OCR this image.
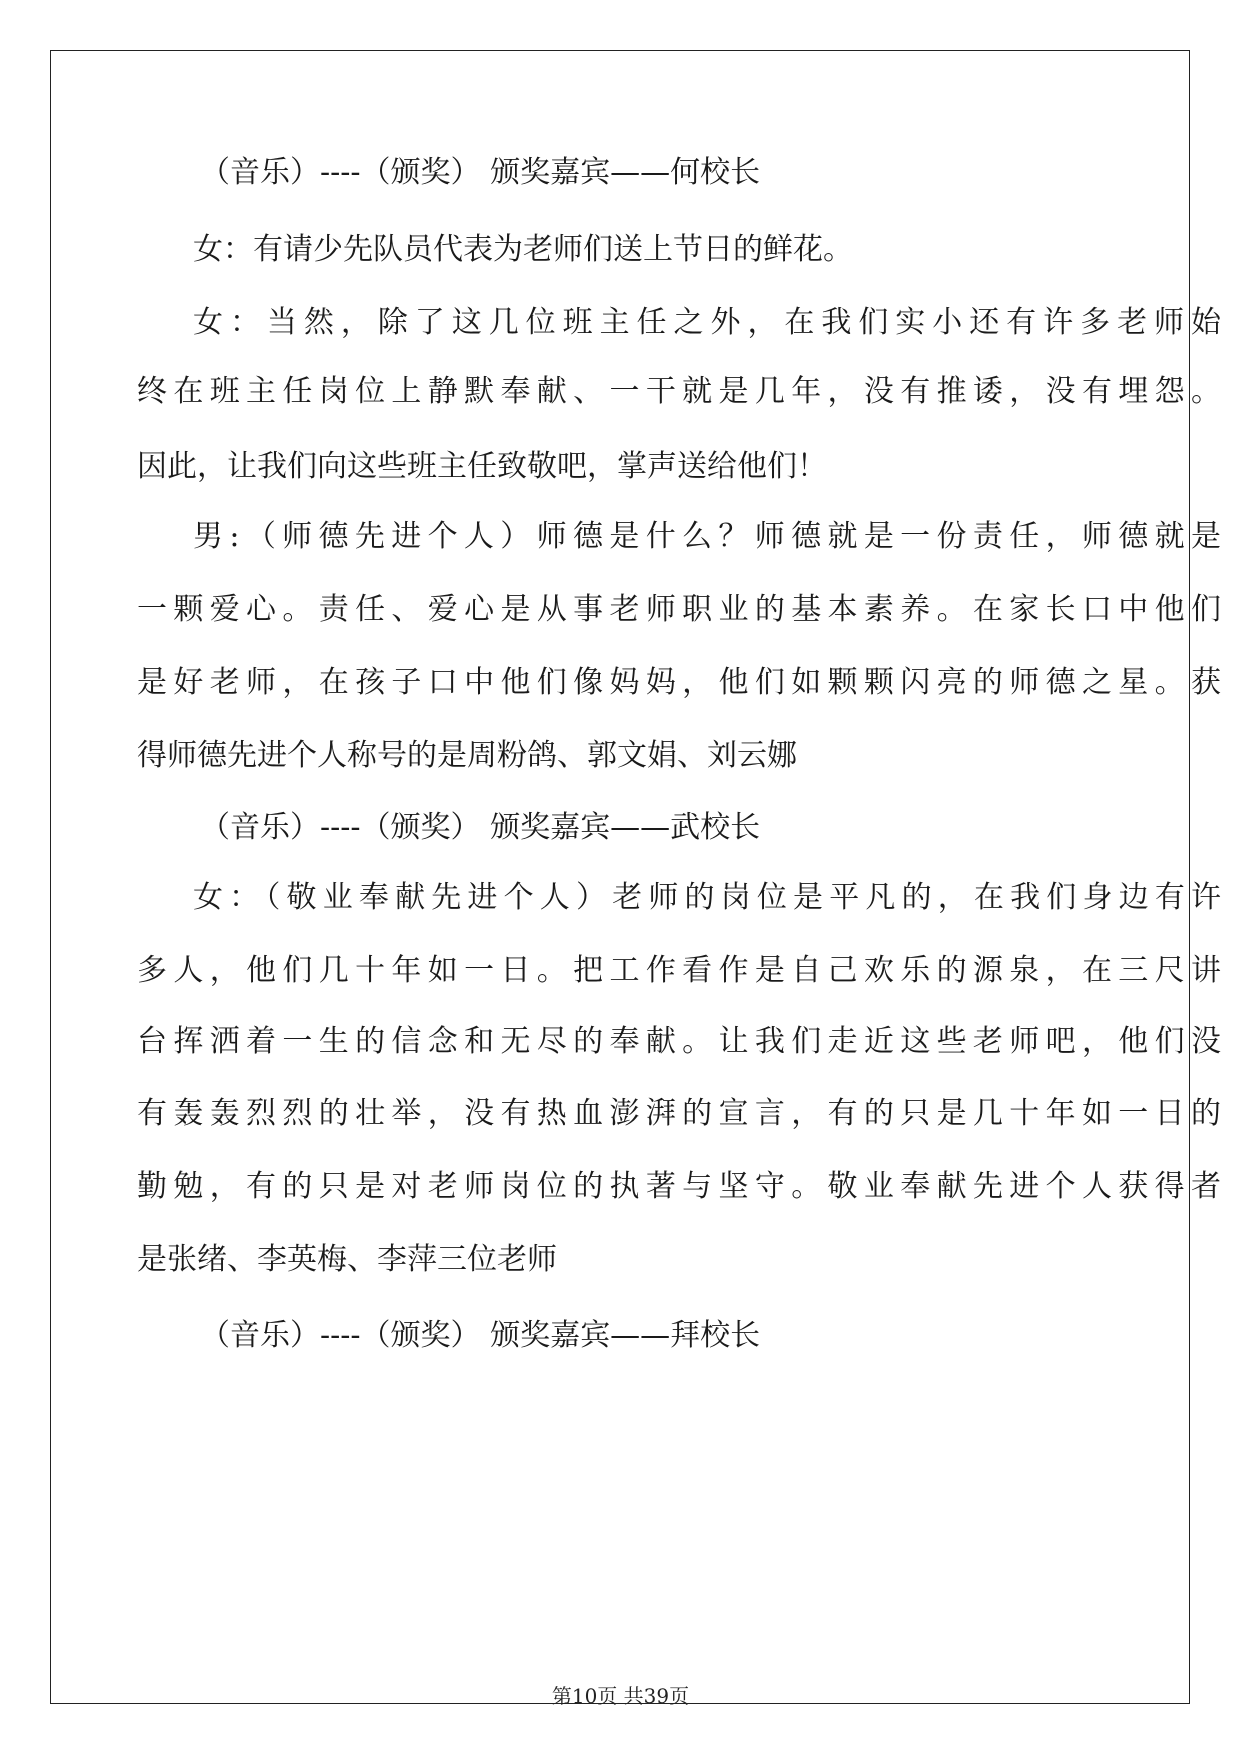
（音乐）----（颁奖） 颁奖嘉宾——何校长
女：有请少先队员代表为老师们送上节日的鲜花。
女：当然，除了这几位班主任之外，在我们实小还有许多老师始
终在班主任岗位上静默奉献、一干就是几年，没有推诿，没有埋怨。
因此，让我们向这些班主任致敬吧，掌声送给他们！
男:（师德先进个人）师德是什么？师德就是一份责任，师德就是
一颗爱心。责任、爱心是从事老师职业的基本素养。在家长口中他们
是好老师，在孩子口中他们像妈妈，他们如颗颗闪亮的师德之星。获
得师德先进个人称号的是周粉鸽、郭文娟、刘云娜
（音乐）----（颁奖） 颁奖嘉宾——武校长
女：（敬业奉献先进个人）老师的岗位是平凡的，在我们身边有许
多人，他们几十年如一日。把工作看作是自己欢乐的源泉，在三尺讲
台挥洒着一生的信念和无尽的奉献。让我们走近这些老师吧，他们没
有轰轰烈烈的壮举，没有热血澎湃的宣言，有的只是几十年如一日的
勤勉，有的只是对老师岗位的执著与坚守。敬业奉献先进个人获得者
是张绪、李英梅、李萍三位老师
（音乐）----（颁奖） 颁奖嘉宾——拜校长
第10页 共39页
